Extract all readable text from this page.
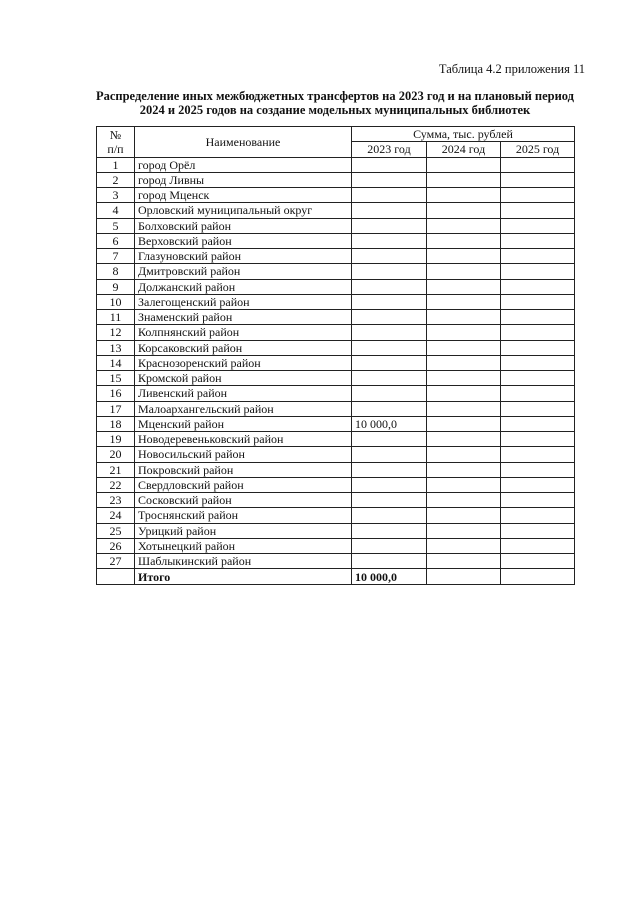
Таблица 4.2 приложения 11
Распределение иных межбюджетных трансфертов на 2023 год и на плановый период
2024 и 2025 годов на создание модельных муниципальных библиотек
№
п/п	Наименование	Сумма, тыс. рублей		
		2023 год	2024 год	2025 год
1	город Орёл			
2	город Ливны			
3	город Мценск			
4	Орловский муниципальный округ			
5	Болховский район			
6	Верховский район			
7	Глазуновский район			
8	Дмитровский район			
9	Должанский район			
10	Залегощенский район			
11	Знаменский район			
12	Колпнянский район			
13	Корсаковский район			
14	Краснозоренский район			
15	Кромской район			
16	Ливенский район			
17	Малоархангельский район			
18	Мценский район	10 000,0		
19	Новодеревеньковский район			
20	Новосильский район			
21	Покровский район			
22	Свердловский район			
23	Сосковский район			
24	Троснянский район			
25	Урицкий район			
26	Хотынецкий район			
27	Шаблыкинский район			
	Итого	10 000,0		
